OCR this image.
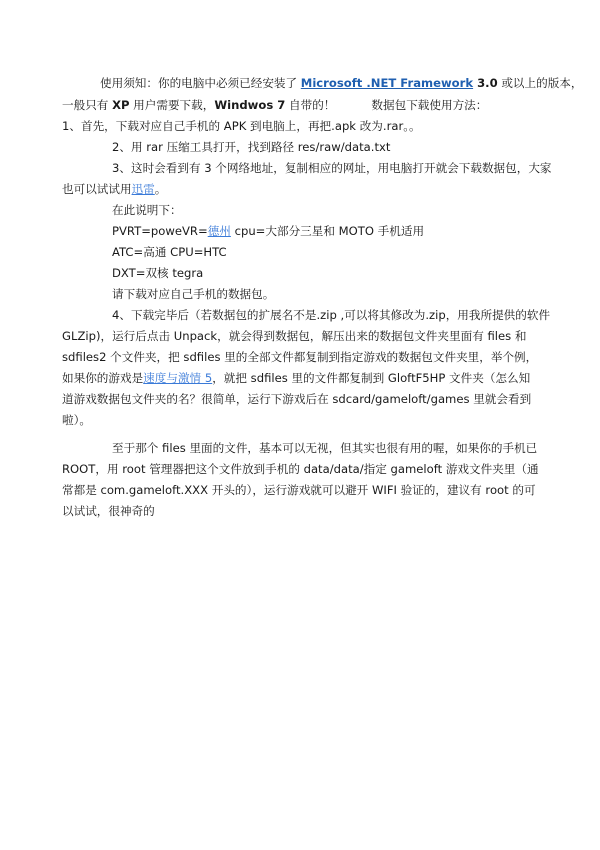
使用须知：你的电脑中必须已经安装了 Microsoft .NET Framework 3.0 或以上的版本，
一般只有 XP 用户需要下载，Windwos 7 自带的！	数据包下载使用方法：
1、首先，下载对应自己手机的 APK 到电脑上，再把.apk 改为.rar。。
2、用 rar 压缩工具打开，找到路径 res/raw/data.txt
3、这时会看到有 3 个网络地址，复制相应的网址，用电脑打开就会下载数据包，大家
也可以试试用迅雷。
在此说明下：
PVRT=poweVR=德州 cpu=大部分三星和 MOTO 手机适用
ATC=高通 CPU=HTC
DXT=双核 tegra
请下载对应自己手机的数据包。
4、下载完毕后（若数据包的扩展名不是.zip ,可以将其修改为.zip，用我所提供的软件
GLZip)，运行后点击 Unpack，就会得到数据包，解压出来的数据包文件夹里面有 files 和
sdfiles2 个文件夹，把 sdfiles 里的全部文件都复制到指定游戏的数据包文件夹里，举个例，
如果你的游戏是速度与激情 5，就把 sdfiles 里的文件都复制到 GloftF5HP 文件夹（怎么知
道游戏数据包文件夹的名？很简单，运行下游戏后在 sdcard/gameloft/games 里就会看到
啦）。
至于那个 files 里面的文件，基本可以无视，但其实也很有用的喔，如果你的手机已
ROOT，用 root 管理器把这个文件放到手机的 data/data/指定 gameloft 游戏文件夹里（通
常都是 com.gameloft.XXX 开头的），运行游戏就可以避开 WIFI 验证的，建议有 root 的可
以试试，很神奇的
